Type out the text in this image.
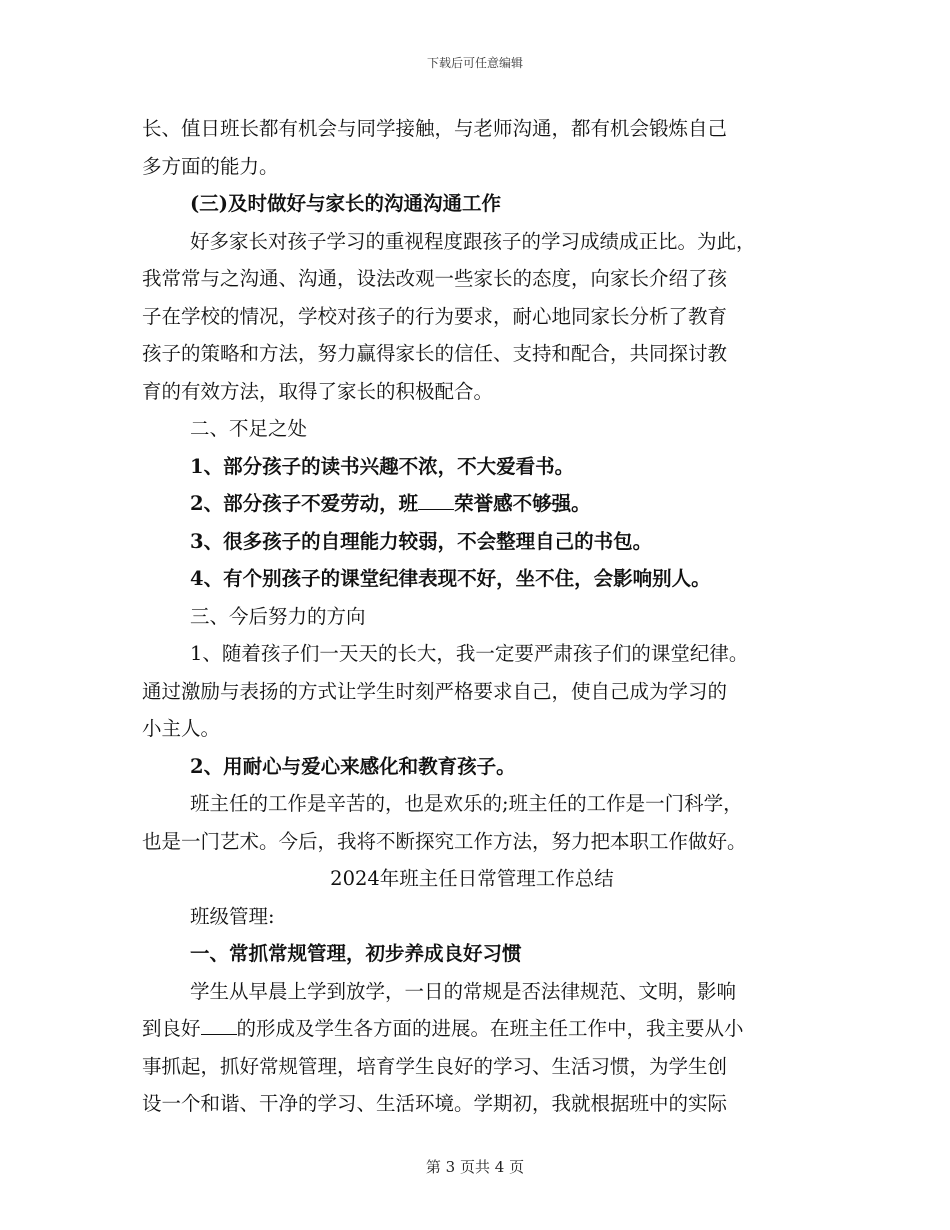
下载后可任意编辑
长、值日班长都有机会与同学接触，与老师沟通，都有机会锻炼自己
多方面的能力。
(三)及时做好与家长的沟通沟通工作
好多家长对孩子学习的重视程度跟孩子的学习成绩成正比。为此，
我常常与之沟通、沟通，设法改观一些家长的态度，向家长介绍了孩
子在学校的情况，学校对孩子的行为要求，耐心地同家长分析了教育
孩子的策略和方法，努力赢得家长的信任、支持和配合，共同探讨教
育的有效方法，取得了家长的积极配合。
二、不足之处
1、部分孩子的读书兴趣不浓，不大爱看书。
2、部分孩子不爱劳动，班 荣誉感不够强。
3、很多孩子的自理能力较弱，不会整理自己的书包。
4、有个别孩子的课堂纪律表现不好，坐不住，会影响别人。
三、今后努力的方向
1、随着孩子们一天天的长大，我一定要严肃孩子们的课堂纪律。
通过激励与表扬的方式让学生时刻严格要求自己，使自己成为学习的
小主人。
2、用耐心与爱心来感化和教育孩子。
班主任的工作是辛苦的，也是欢乐的;班主任的工作是一门科学，
也是一门艺术。今后，我将不断探究工作方法，努力把本职工作做好。
2024年班主任日常管理工作总结
班级管理:
一、常抓常规管理，初步养成良好习惯
学生从早晨上学到放学，一日的常规是否法律规范、文明，影响
到良好 的形成及学生各方面的进展。在班主任工作中，我主要从小
事抓起，抓好常规管理，培育学生良好的学习、生活习惯，为学生创
设一个和谐、干净的学习、生活环境。学期初，我就根据班中的实际
第 3 页共 4 页
